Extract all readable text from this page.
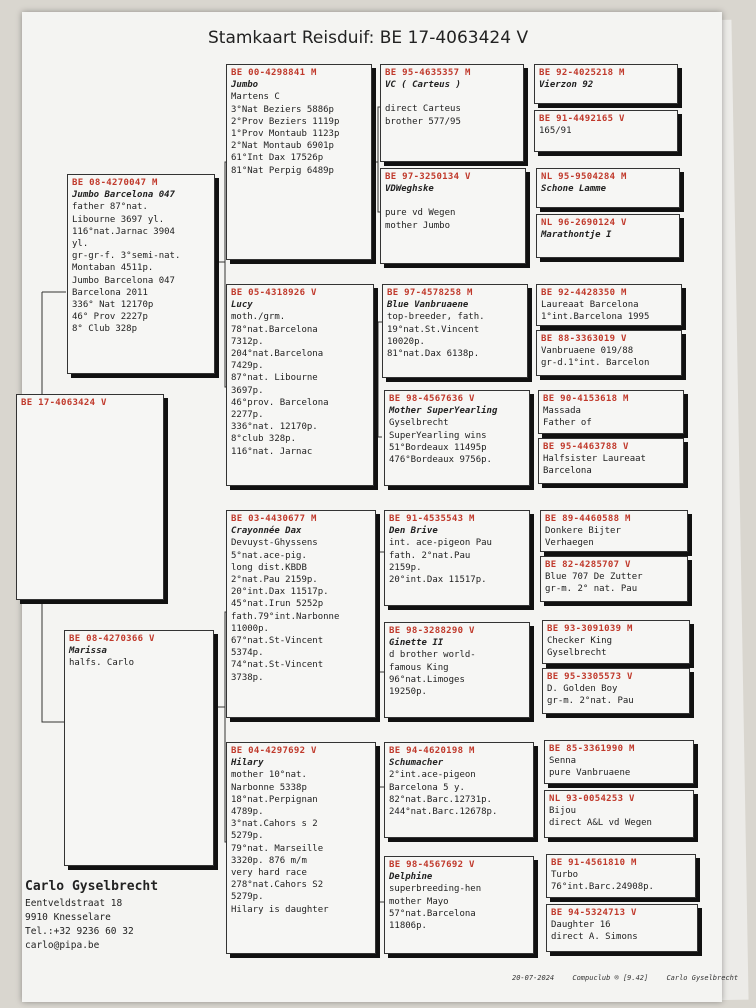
Stamkaart Reisduif: BE 17-4063424 V
BE 17-4063424 V
BE 08-4270047 M
Jumbo Barcelona 047
father 87°nat.
Libourne 3697 yl.
116°nat.Jarnac 3904
yl.
gr-gr-f. 3°semi-nat.
Montaban 4511p.
Jumbo Barcelona 047
Barcelona 2011
336° Nat 12170p
46° Prov 2227p
8° Club 328p
BE 08-4270366 V
Marissa
halfs. Carlo
BE 00-4298841 M
Jumbo
Martens C
3°Nat Beziers 5886p
2°Prov Beziers 1119p
1°Prov Montaub 1123p
2°Nat Montaub 6901p
61°Int Dax 17526p
81°Nat Perpig 6489p
BE 05-4318926 V
Lucy
moth./grm.
78°nat.Barcelona
7312p.
204°nat.Barcelona
7429p.
87°nat. Libourne
3697p.
46°prov. Barcelona
2277p.
336°nat. 12170p.
8°club 328p.
116°nat. Jarnac
BE 03-4430677 M
Crayonnée Dax
Devuyst-Ghyssens
5°nat.ace-pig.
long dist.KBDB
2°nat.Pau 2159p.
20°int.Dax 11517p.
45°nat.Irun 5252p
fath.79°int.Narbonne
11000p.
67°nat.St-Vincent
5374p.
74°nat.St-Vincent
3738p.
BE 04-4297692 V
Hilary
mother 10°nat.
Narbonne 5338p
18°nat.Perpignan
4789p.
3°nat.Cahors s 2
5279p.
79°nat. Marseille
3320p. 876 m/m
very hard race
278°nat.Cahors S2
5279p.
Hilary is daughter
BE 95-4635357 M
VC ( Carteus )
direct Carteus
brother 577/95
BE 97-3250134 V
VDWeghske
pure vd Wegen
mother Jumbo
BE 97-4578258 M
Blue Vanbruaene
top-breeder, fath.
19°nat.St.Vincent
10020p.
81°nat.Dax 6138p.
BE 98-4567636 V
Mother SuperYearling
Gyselbrecht
SuperYearling wins
51°Bordeaux 11495p
476°Bordeaux 9756p.
BE 91-4535543 M
Den Brive
int. ace-pigeon Pau
fath. 2°nat.Pau
2159p.
20°int.Dax 11517p.
BE 98-3288290 V
Ginette II
d brother world-
famous King
96°nat.Limoges
19250p.
BE 94-4620198 M
Schumacher
2°int.ace-pigeon
Barcelona 5 y.
82°nat.Barc.12731p.
244°nat.Barc.12678p.
BE 98-4567692 V
Delphine
superbreeding-hen
mother Mayo
57°nat.Barcelona
11806p.
BE 92-4025218 M
Vierzon 92
BE 91-4492165 V
165/91
NL 95-9504284 M
Schone Lamme
NL 96-2690124 V
Marathontje I
BE 92-4428350 M
Laureaat Barcelona
1°int.Barcelona 1995
BE 88-3363019 V
Vanbruaene 019/88
gr-d.1°int. Barcelon
BE 90-4153618 M
Massada
Father of
BE 95-4463788 V
Halfsister Laureaat
Barcelona
BE 89-4460588 M
Donkere Bijter
Verhaegen
BE 82-4285707 V
Blue 707 De Zutter
gr-m. 2° nat. Pau
BE 93-3091039 M
Checker King
Gyselbrecht
BE 95-3305573 V
D. Golden Boy
gr-m. 2°nat. Pau
BE 85-3361990 M
Senna
pure Vanbruaene
NL 93-0054253 V
Bijou
direct A&L vd Wegen
BE 91-4561810 M
Turbo
76°int.Barc.24908p.
BE 94-5324713 V
Daughter 16
direct A. Simons
Carlo Gyselbrecht
Eentveldstraat 18
9910 Knesselare
Tel.:+32 9236 60 32
carlo@pipa.be
20-07-2024	Compuclub ® [9.42]	Carlo Gyselbrecht
